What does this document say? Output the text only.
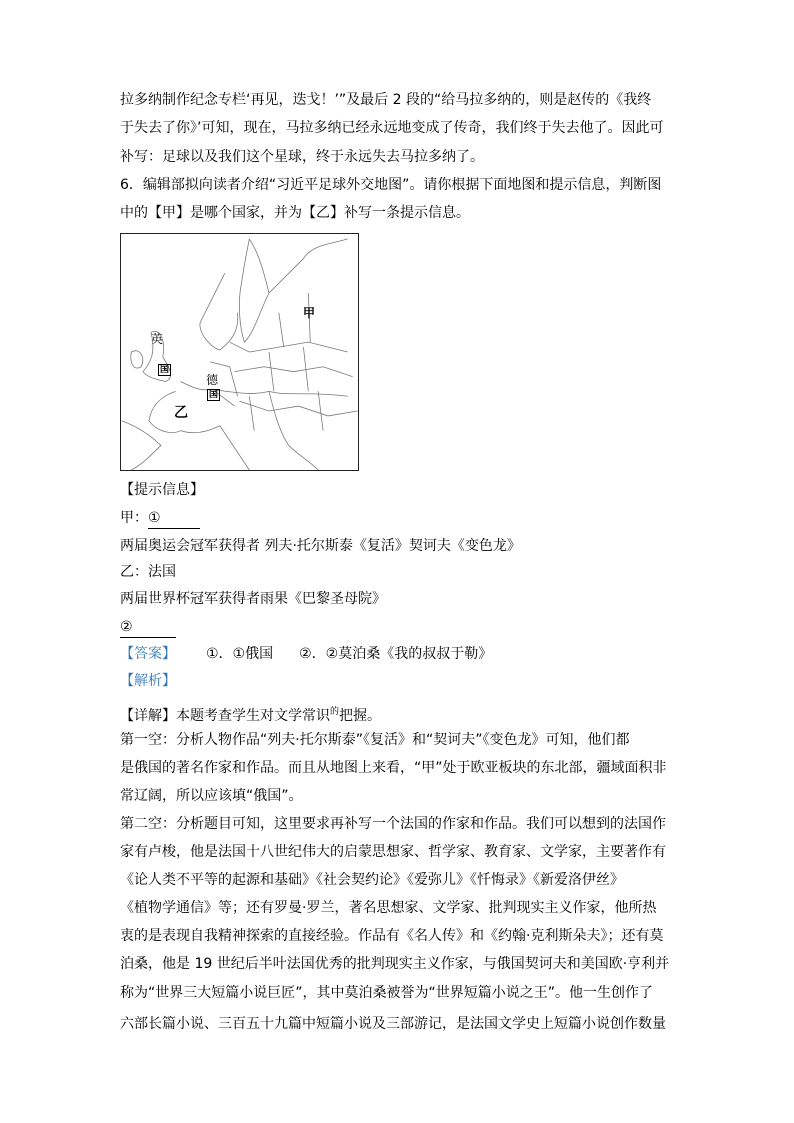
拉多纳制作纪念专栏‘再见，迭戈！’”及最后 2 段的“给马拉多纳的，则是赵传的《我终
于失去了你》’可知，现在，马拉多纳已经永远地变成了传奇，我们终于失去他了。因此可
补写：足球以及我们这个星球，终于永远失去马拉多纳了。
6．编辑部拟向读者介绍“习近平足球外交地图”。请你根据下面地图和提示信息，判断图
中的【甲】是哪个国家，并为【乙】补写一条提示信息。
甲
英
国
德
国
乙
【提示信息】
甲：①
两届奥运会冠军获得者 列夫·托尔斯泰《复活》契诃夫《变色龙》
乙：法国
两届世界杯冠军获得者雨果《巴黎圣母院》
②
【答案】 ①．①俄国 ②．②莫泊桑《我的叔叔于勒》
【解析】
【详解】本题考查学生对文学常识$^的$把握。
第一空：分析人物作品“列夫·托尔斯泰”《复活》和“契诃夫”《变色龙》可知，他们都
是俄国的著名作家和作品。而且从地图上来看，“甲”处于欧亚板块的东北部，疆域面积非
常辽阔，所以应该填“俄国”。
第二空：分析题目可知，这里要求再补写一个法国的作家和作品。我们可以想到的法国作
家有卢梭，他是法国十八世纪伟大的启蒙思想家、哲学家、教育家、文学家，主要著作有
《论人类不平等的起源和基础》《社会契约论》《爱弥儿》《忏悔录》《新爱洛伊丝》
《植物学通信》等；还有罗曼·罗兰，著名思想家、文学家、批判现实主义作家，他所热
衷的是表现自我精神探索的直接经验。作品有《名人传》和《约翰·克利斯朵夫》；还有莫
泊桑，他是 19 世纪后半叶法国优秀的批判现实主义作家，与俄国契诃夫和美国欧·亨利并
称为“世界三大短篇小说巨匠”，其中莫泊桑被誉为“世界短篇小说之王”。他一生创作了
六部长篇小说、三百五十九篇中短篇小说及三部游记，是法国文学史上短篇小说创作数量
